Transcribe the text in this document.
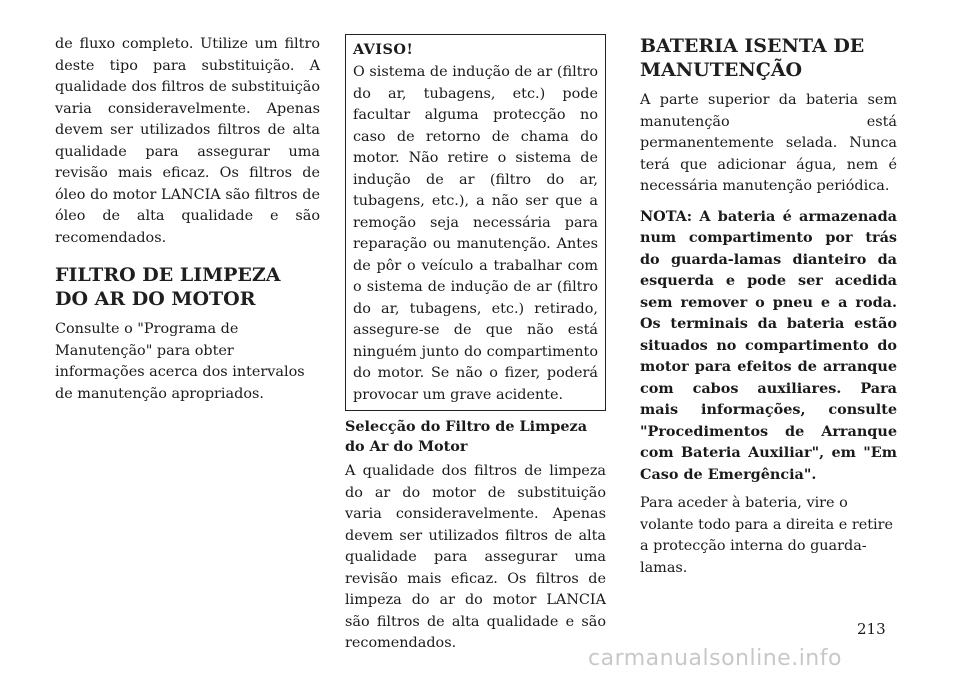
de fluxo completo. Utilize um filtro deste tipo para substituição. A qualidade dos filtros de substituição varia consideravelmente. Apenas devem ser utilizados filtros de alta qualidade para assegurar uma revisão mais eficaz. Os filtros de óleo do motor LANCIA são filtros de óleo de alta qualidade e são recomendados.

FILTRO DE LIMPEZA DO AR DO MOTOR

Consulte o "Programa de Manutenção" para obter informações acerca dos intervalos de manutenção apropriados.

AVISO!

O sistema de indução de ar (filtro do ar, tubagens, etc.) pode facultar alguma protecção no caso de retorno de chama do motor. Não retire o sistema de indução de ar (filtro do ar, tubagens, etc.), a não ser que a remoção seja necessária para reparação ou manutenção. Antes de pôr o veículo a trabalhar com o sistema de indução de ar (filtro do ar, tubagens, etc.) retirado, assegure-se de que não está ninguém junto do compartimento do motor. Se não o fizer, poderá provocar um grave acidente.

Selecção do Filtro de Limpeza do Ar do Motor

A qualidade dos filtros de limpeza do ar do motor de substituição varia consideravelmente. Apenas devem ser utilizados filtros de alta qualidade para assegurar uma revisão mais eficaz. Os filtros de limpeza do ar do motor LANCIA são filtros de alta qualidade e são recomendados.

BATERIA ISENTA DE MANUTENÇÃO

A parte superior da bateria sem manutenção está permanentemente selada. Nunca terá que adicionar água, nem é necessária manutenção periódica.

NOTA: A bateria é armazenada num compartimento por trás do guarda-lamas dianteiro da esquerda e pode ser acedida sem remover o pneu e a roda. Os terminais da bateria estão situados no compartimento do motor para efeitos de arranque com cabos auxiliares. Para mais informações, consulte "Procedimentos de Arranque com Bateria Auxiliar", em "Em Caso de Emergência".

Para aceder à bateria, vire o volante todo para a direita e retire a protecção interna do guarda-lamas.

213
carmanualsonline.info
